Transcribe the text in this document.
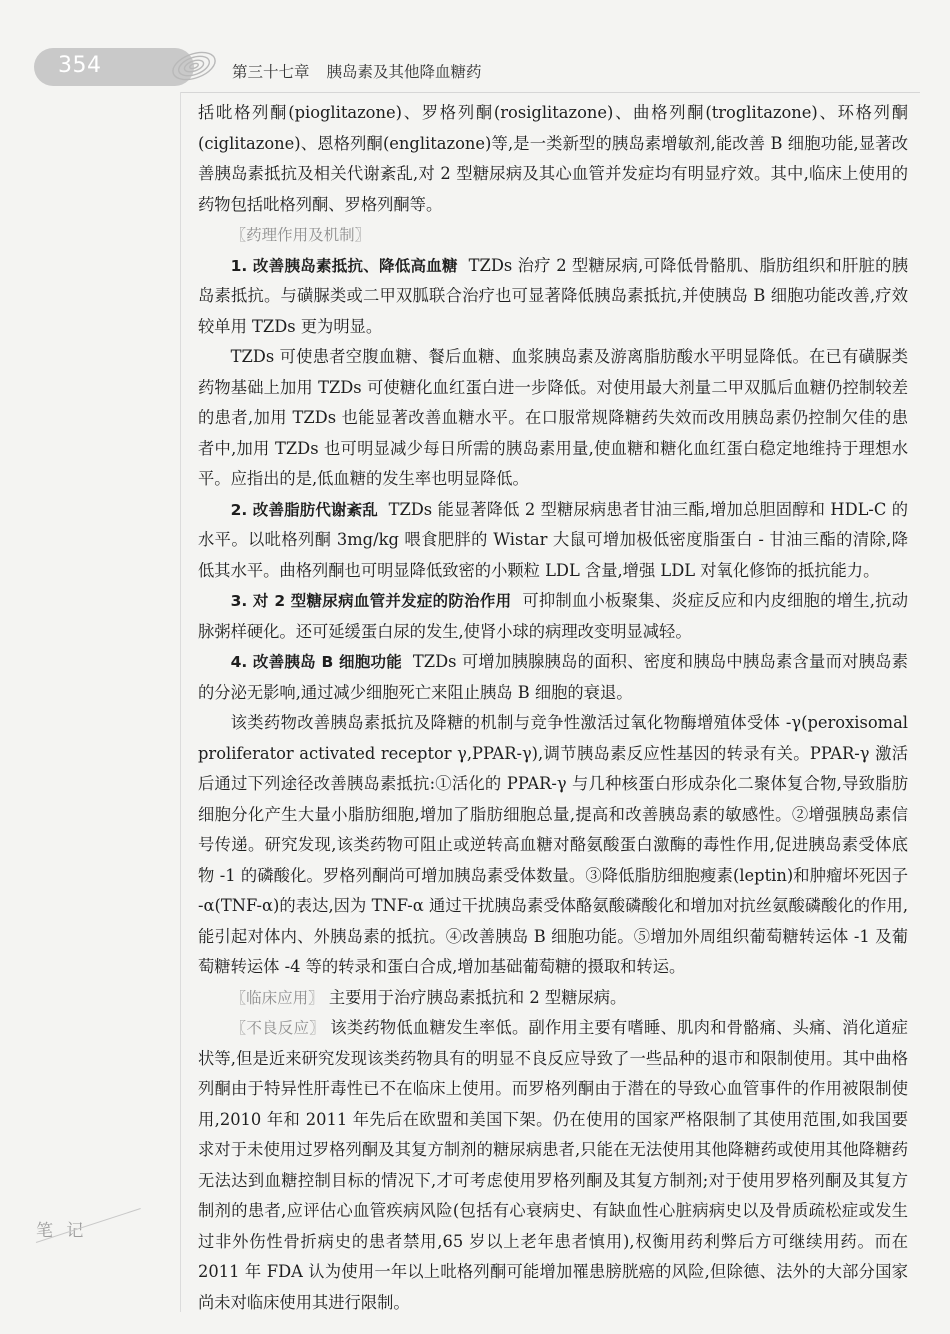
354	第三十七章 胰岛素及其他降血糖药
笔 记

括吡格列酮(pioglitazone)、罗格列酮(rosiglitazone)、曲格列酮(troglitazone)、环格列酮(ciglitazone)、恩格列酮(englitazone)等,是一类新型的胰岛素增敏剂,能改善 B 细胞功能,显著改善胰岛素抵抗及相关代谢紊乱,对 2 型糖尿病及其心血管并发症均有明显疗效。其中,临床上使用的药物包括吡格列酮、罗格列酮等。

〖药理作用及机制〗

1. 改善胰岛素抵抗、降低高血糖 TZDs 治疗 2 型糖尿病,可降低骨骼肌、脂肪组织和肝脏的胰岛素抵抗。与磺脲类或二甲双胍联合治疗也可显著降低胰岛素抵抗,并使胰岛 B 细胞功能改善,疗效较单用 TZDs 更为明显。

TZDs 可使患者空腹血糖、餐后血糖、血浆胰岛素及游离脂肪酸水平明显降低。在已有磺脲类药物基础上加用 TZDs 可使糖化血红蛋白进一步降低。对使用最大剂量二甲双胍后血糖仍控制较差的患者,加用 TZDs 也能显著改善血糖水平。在口服常规降糖药失效而改用胰岛素仍控制欠佳的患者中,加用 TZDs 也可明显减少每日所需的胰岛素用量,使血糖和糖化血红蛋白稳定地维持于理想水平。应指出的是,低血糖的发生率也明显降低。

2. 改善脂肪代谢紊乱 TZDs 能显著降低 2 型糖尿病患者甘油三酯,增加总胆固醇和 HDL-C 的水平。以吡格列酮 3mg/kg 喂食肥胖的 Wistar 大鼠可增加极低密度脂蛋白 - 甘油三酯的清除,降低其水平。曲格列酮也可明显降低致密的小颗粒 LDL 含量,增强 LDL 对氧化修饰的抵抗能力。

3. 对 2 型糖尿病血管并发症的防治作用 可抑制血小板聚集、炎症反应和内皮细胞的增生,抗动脉粥样硬化。还可延缓蛋白尿的发生,使肾小球的病理改变明显减轻。

4. 改善胰岛 B 细胞功能 TZDs 可增加胰腺胰岛的面积、密度和胰岛中胰岛素含量而对胰岛素的分泌无影响,通过减少细胞死亡来阻止胰岛 B 细胞的衰退。

该类药物改善胰岛素抵抗及降糖的机制与竞争性激活过氧化物酶增殖体受体 -γ(peroxisomal proliferator activated receptor γ,PPAR-γ),调节胰岛素反应性基因的转录有关。PPAR-γ 激活后通过下列途径改善胰岛素抵抗:①活化的 PPAR-γ 与几种核蛋白形成杂化二聚体复合物,导致脂肪细胞分化产生大量小脂肪细胞,增加了脂肪细胞总量,提高和改善胰岛素的敏感性。②增强胰岛素信号传递。研究发现,该类药物可阻止或逆转高血糖对酪氨酸蛋白激酶的毒性作用,促进胰岛素受体底物 -1 的磷酸化。罗格列酮尚可增加胰岛素受体数量。③降低脂肪细胞瘦素(leptin)和肿瘤坏死因子 -α(TNF-α)的表达,因为 TNF-α 通过干扰胰岛素受体酪氨酸磷酸化和增加对抗丝氨酸磷酸化的作用,能引起对体内、外胰岛素的抵抗。④改善胰岛 B 细胞功能。⑤增加外周组织葡萄糖转运体 -1 及葡萄糖转运体 -4 等的转录和蛋白合成,增加基础葡萄糖的摄取和转运。

〖临床应用〗 主要用于治疗胰岛素抵抗和 2 型糖尿病。

〖不良反应〗 该类药物低血糖发生率低。副作用主要有嗜睡、肌肉和骨骼痛、头痛、消化道症状等,但是近来研究发现该类药物具有的明显不良反应导致了一些品种的退市和限制使用。其中曲格列酮由于特异性肝毒性已不在临床上使用。而罗格列酮由于潜在的导致心血管事件的作用被限制使用,2010 年和 2011 年先后在欧盟和美国下架。仍在使用的国家严格限制了其使用范围,如我国要求对于未使用过罗格列酮及其复方制剂的糖尿病患者,只能在无法使用其他降糖药或使用其他降糖药无法达到血糖控制目标的情况下,才可考虑使用罗格列酮及其复方制剂;对于使用罗格列酮及其复方制剂的患者,应评估心血管疾病风险(包括有心衰病史、有缺血性心脏病病史以及骨质疏松症或发生过非外伤性骨折病史的患者禁用,65 岁以上老年患者慎用),权衡用药利弊后方可继续用药。而在 2011 年 FDA 认为使用一年以上吡格列酮可能增加罹患膀胱癌的风险,但除德、法外的大部分国家尚未对临床使用其进行限制。
